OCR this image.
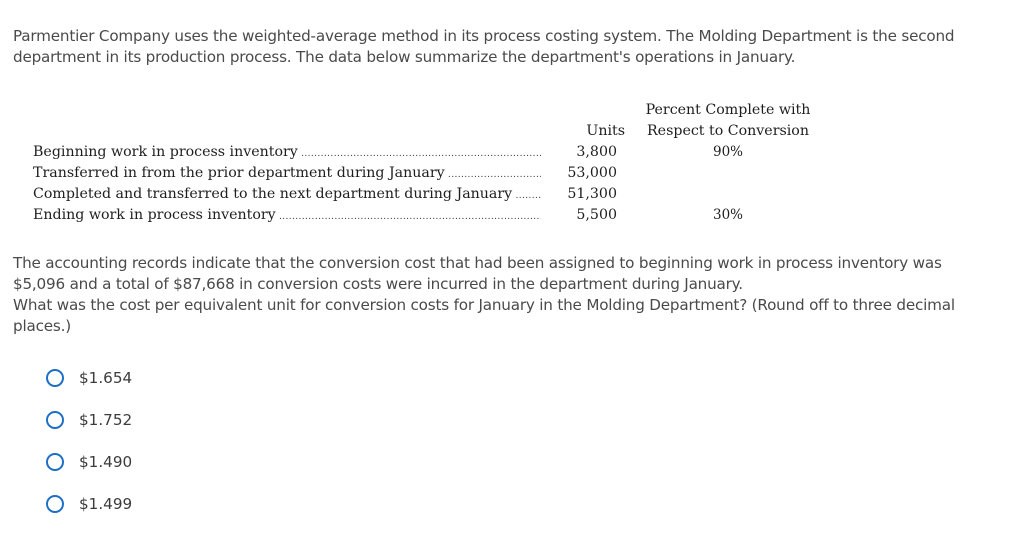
Parmentier Company uses the weighted-average method in its process costing system. The Molding Department is the second department in its production process. The data below summarize the department's operations in January.
Percent Complete with
Respect to Conversion
Units
Beginning work in process inventory .....	3,800	90%
Transferred in from the prior department during January .....	53,000
Completed and transferred to the next department during January .....	51,300
Ending work in process inventory .....	5,500	30%
The accounting records indicate that the conversion cost that had been assigned to beginning work in process inventory was $5,096 and a total of $87,668 in conversion costs were incurred in the department during January.
What was the cost per equivalent unit for conversion costs for January in the Molding Department? (Round off to three decimal places.)
$1.654
$1.752
$1.490
$1.499
